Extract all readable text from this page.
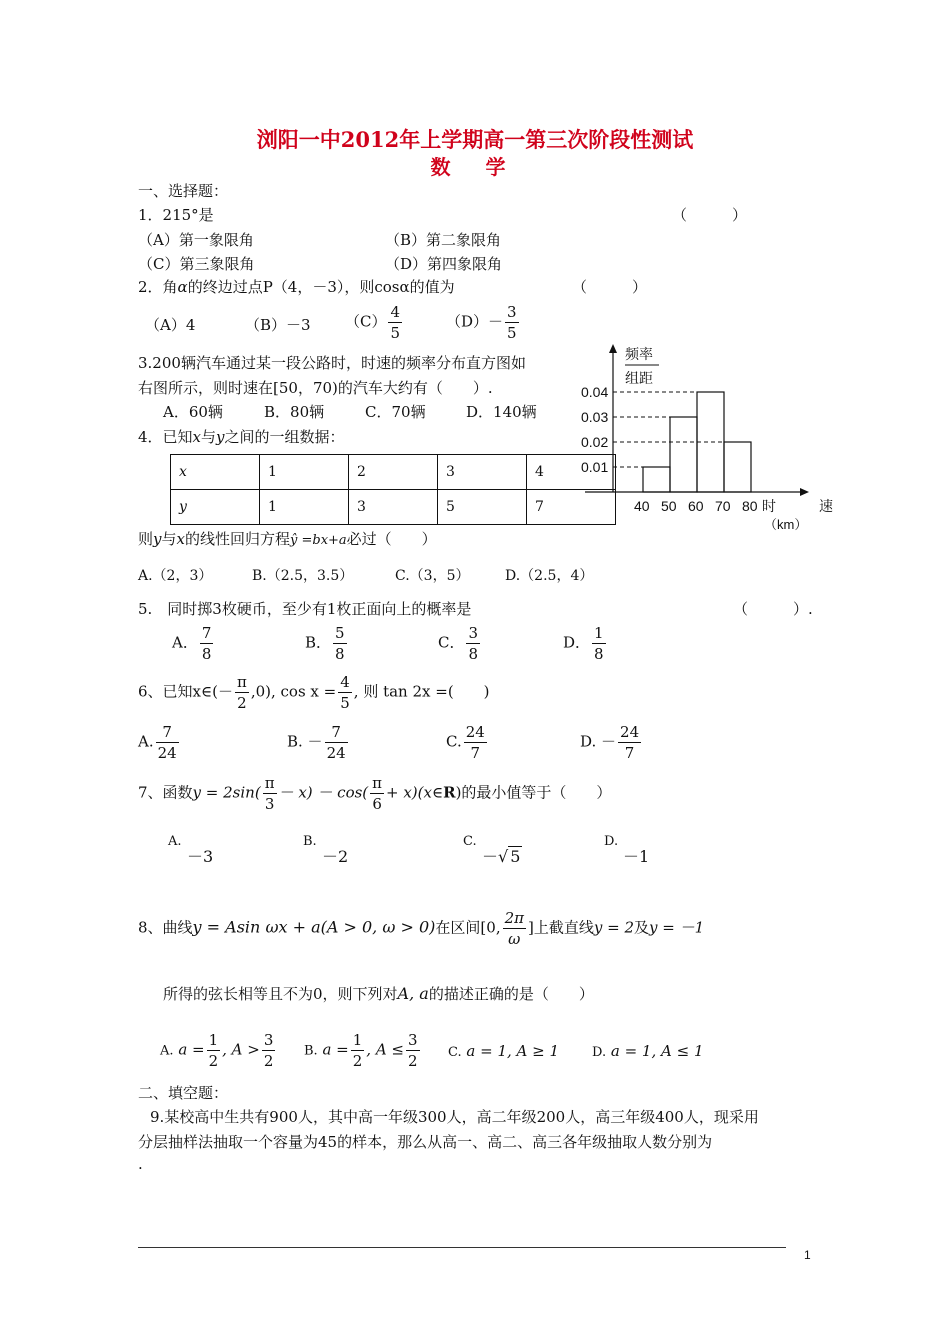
浏阳一中2012年上学期高一第三次阶段性测试
数 学
一、选择题：
1．215°是	（　　　）
（A）第一象限角	（B）第二象限角
（C）第三象限角	（D）第四象限角
2．角α的终边过点P（4，－3），则cosα的值为	（　　　）
（A）4	（B）－3 $(C) \frac{4}{5}$	$(D)- \frac{3}{5}$
3.200辆汽车通过某一段公路时，时速的频率分布直方图如
右图所示，则时速在[50，70)的汽车大约有（　　）.
A．60辆	B．80辆	C．70辆	D．140辆
频率
组距
0.04
0.03
0.02
0.01
40 50 60 70 80 时	速
（km）
4．已知x与y之间的一组数据：
x	1	2	3	4
y	1	3	5	7
则y与x的线性回归方程ŷ =bx+a必过（　　）
A.（2，3）	B.（2.5，3.5）	C.（3，5）	D.（2.5，4）
5.　同时掷3枚硬币，至少有1枚正面向上的概率是	（　　　）.
A． $\frac{7}{8}$	B． $\frac{5}{8}$	C． $\frac{3}{8}$	D． $\frac{1}{8}$
6、已知x∈(－ $\frac{\pi}{2} ,0$), $\cos x = \frac{4}{5}$ , 则 tan 2x =(　　)
A. $\frac{7}{24}$	B. － $\frac{7}{24}$	C. $\frac{24}{7}$	D. － $\frac{24}{7}$
7、函数$y = 2\sin( \frac{\pi}{3} - x) - \cos( \frac{\pi}{6}$ + x)(x∈R)的最小值等于（　　）
A.
－3
B.
－2
C.
－√ 5
D.
－1
8、曲线y = Asin ωx + a(A > 0, ω > 0)在区间[0, $\frac{2\pi}{\omega}$ ]上截直线y = 2及y = －1
所得的弦长相等且不为0，则下列对A, a的描述正确的是（　　）
A. $a = \frac{1}{2}$ , $A > \frac{3}{2} B$. $a = \frac{1}{2}$ , $A \le \frac{3}{2} C$. a = 1, A ≥ 1	D. a = 1, A ≤ 1
二、填空题：
9.某校高中生共有900人，其中高一年级300人，高二年级200人，高三年级400人，现采用
分层抽样法抽取一个容量为45的样本，那么从高一、高二、高三各年级抽取人数分别为
.
1
